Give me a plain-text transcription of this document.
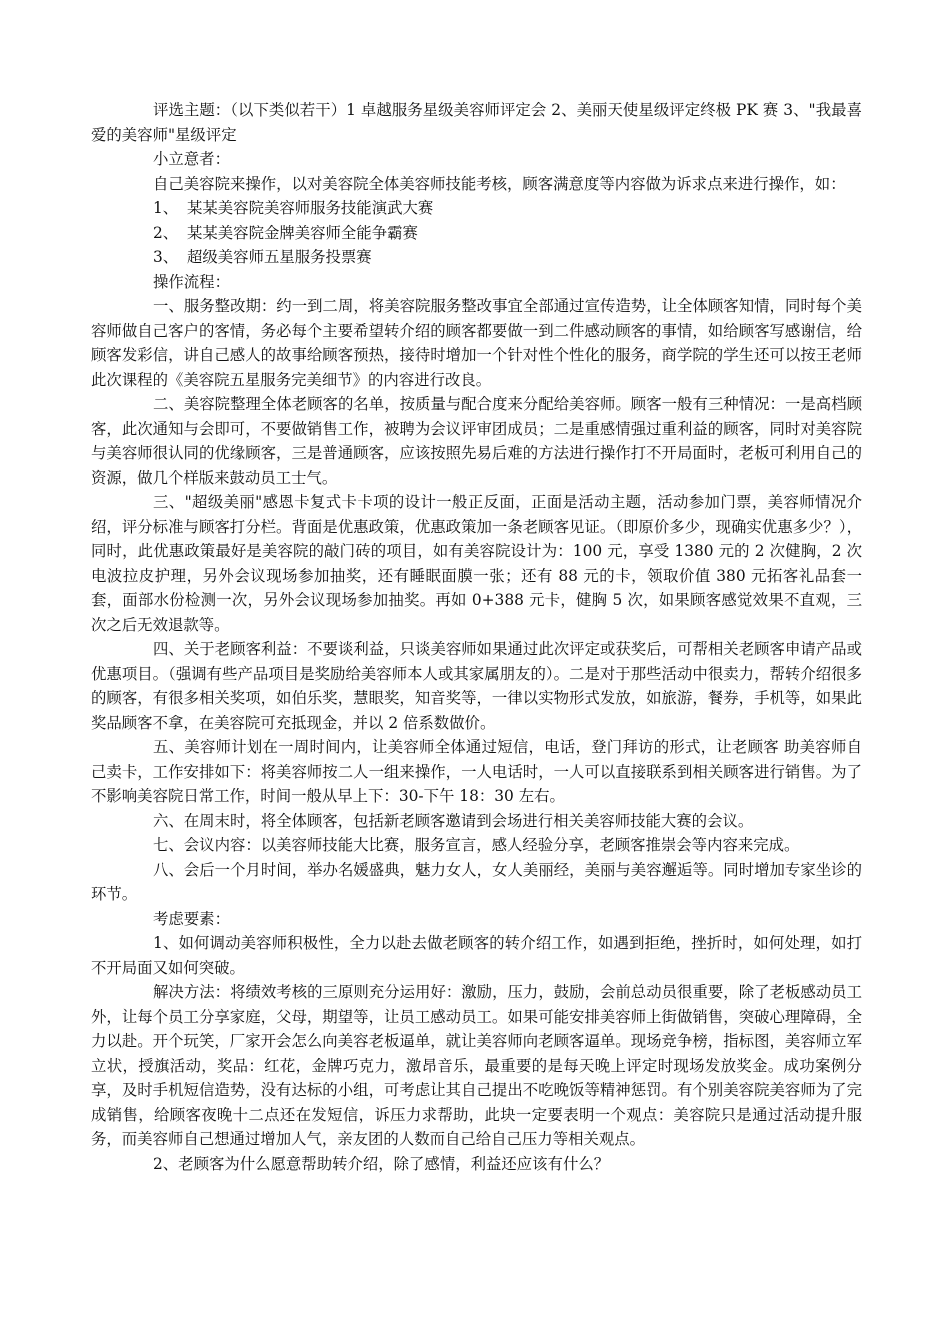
评选主题：（以下类似若干）1 卓越服务星级美容师评定会 2、美丽天使星级评定终极 PK 赛 3、"我最喜爱的美容师"星级评定

小立意者：

自己美容院来操作，以对美容院全体美容师技能考核，顾客满意度等内容做为诉求点来进行操作，如：

1、 某某美容院美容师服务技能演武大赛

2、 某某美容院金牌美容师全能争霸赛

3、 超级美容师五星服务投票赛

操作流程：

一、服务整改期：约一到二周，将美容院服务整改事宜全部通过宣传造势，让全体顾客知情，同时每个美容师做自己客户的客情，务必每个主要希望转介绍的顾客都要做一到二件感动顾客的事情，如给顾客写感谢信，给顾客发彩信，讲自己感人的故事给顾客预热，接待时增加一个针对性个性化的服务，商学院的学生还可以按王老师此次课程的《美容院五星服务完美细节》的内容进行改良。

二、美容院整理全体老顾客的名单，按质量与配合度来分配给美容师。顾客一般有三种情况：一是高档顾客，此次通知与会即可，不要做销售工作，被聘为会议评审团成员；二是重感情强过重利益的顾客，同时对美容院与美容师很认同的优缘顾客，三是普通顾客，应该按照先易后难的方法进行操作打不开局面时，老板可利用自己的资源，做几个样版来鼓动员工士气。

三、"超级美丽"感恩卡复式卡卡项的设计一般正反面，正面是活动主题，活动参加门票，美容师情况介绍，评分标准与顾客打分栏。背面是优惠政策，优惠政策加一条老顾客见证。（即原价多少，现确实优惠多少？），同时，此优惠政策最好是美容院的敲门砖的项目，如有美容院设计为：100 元，享受 1380 元的 2 次健胸，2 次电波拉皮护理，另外会议现场参加抽奖，还有睡眠面膜一张；还有 88 元的卡，领取价值 380 元拓客礼品套一套，面部水份检测一次，另外会议现场参加抽奖。再如 0+388 元卡，健胸 5 次，如果顾客感觉效果不直观，三次之后无效退款等。

四、关于老顾客利益：不要谈利益，只谈美容师如果通过此次评定或获奖后，可帮相关老顾客申请产品或优惠项目。（强调有些产品项目是奖励给美容师本人或其家属朋友的）。二是对于那些活动中很卖力，帮转介绍很多的顾客，有很多相关奖项，如伯乐奖，慧眼奖，知音奖等，一律以实物形式发放，如旅游，餐券，手机等，如果此奖品顾客不拿，在美容院可充抵现金，并以 2 倍系数做价。

五、美容师计划在一周时间内，让美容师全体通过短信，电话，登门拜访的形式，让老顾客 助美容师自己卖卡，工作安排如下：将美容师按二人一组来操作，一人电话时，一人可以直接联系到相关顾客进行销售。为了不影响美容院日常工作，时间一般从早上下：30-下午 18：30 左右。

六、在周末时，将全体顾客，包括新老顾客邀请到会场进行相关美容师技能大赛的会议。

七、会议内容：以美容师技能大比赛，服务宣言，感人经验分享，老顾客推崇会等内容来完成。

八、会后一个月时间，举办名媛盛典，魅力女人，女人美丽经，美丽与美容邂逅等。同时增加专家坐诊的环节。

考虑要素：

1、如何调动美容师积极性，全力以赴去做老顾客的转介绍工作，如遇到拒绝，挫折时，如何处理，如打不开局面又如何突破。

解决方法：将绩效考核的三原则充分运用好：激励，压力，鼓励，会前总动员很重要，除了老板感动员工外，让每个员工分享家庭，父母，期望等，让员工感动员工。如果可能安排美容师上街做销售，突破心理障碍，全力以赴。开个玩笑，厂家开会怎么向美容老板逼单，就让美容师向老顾客逼单。现场竞争榜，指标图，美容师立军立状，授旗活动，奖品：红花，金牌巧克力，激昂音乐，最重要的是每天晚上评定时现场发放奖金。成功案例分享，及时手机短信造势，没有达标的小组，可考虑让其自己提出不吃晚饭等精神惩罚。有个别美容院美容师为了完成销售，给顾客夜晚十二点还在发短信，诉压力求帮助，此块一定要表明一个观点：美容院只是通过活动提升服务，而美容师自己想通过增加人气，亲友团的人数而自己给自己压力等相关观点。

2、老顾客为什么愿意帮助转介绍，除了感情，利益还应该有什么？
